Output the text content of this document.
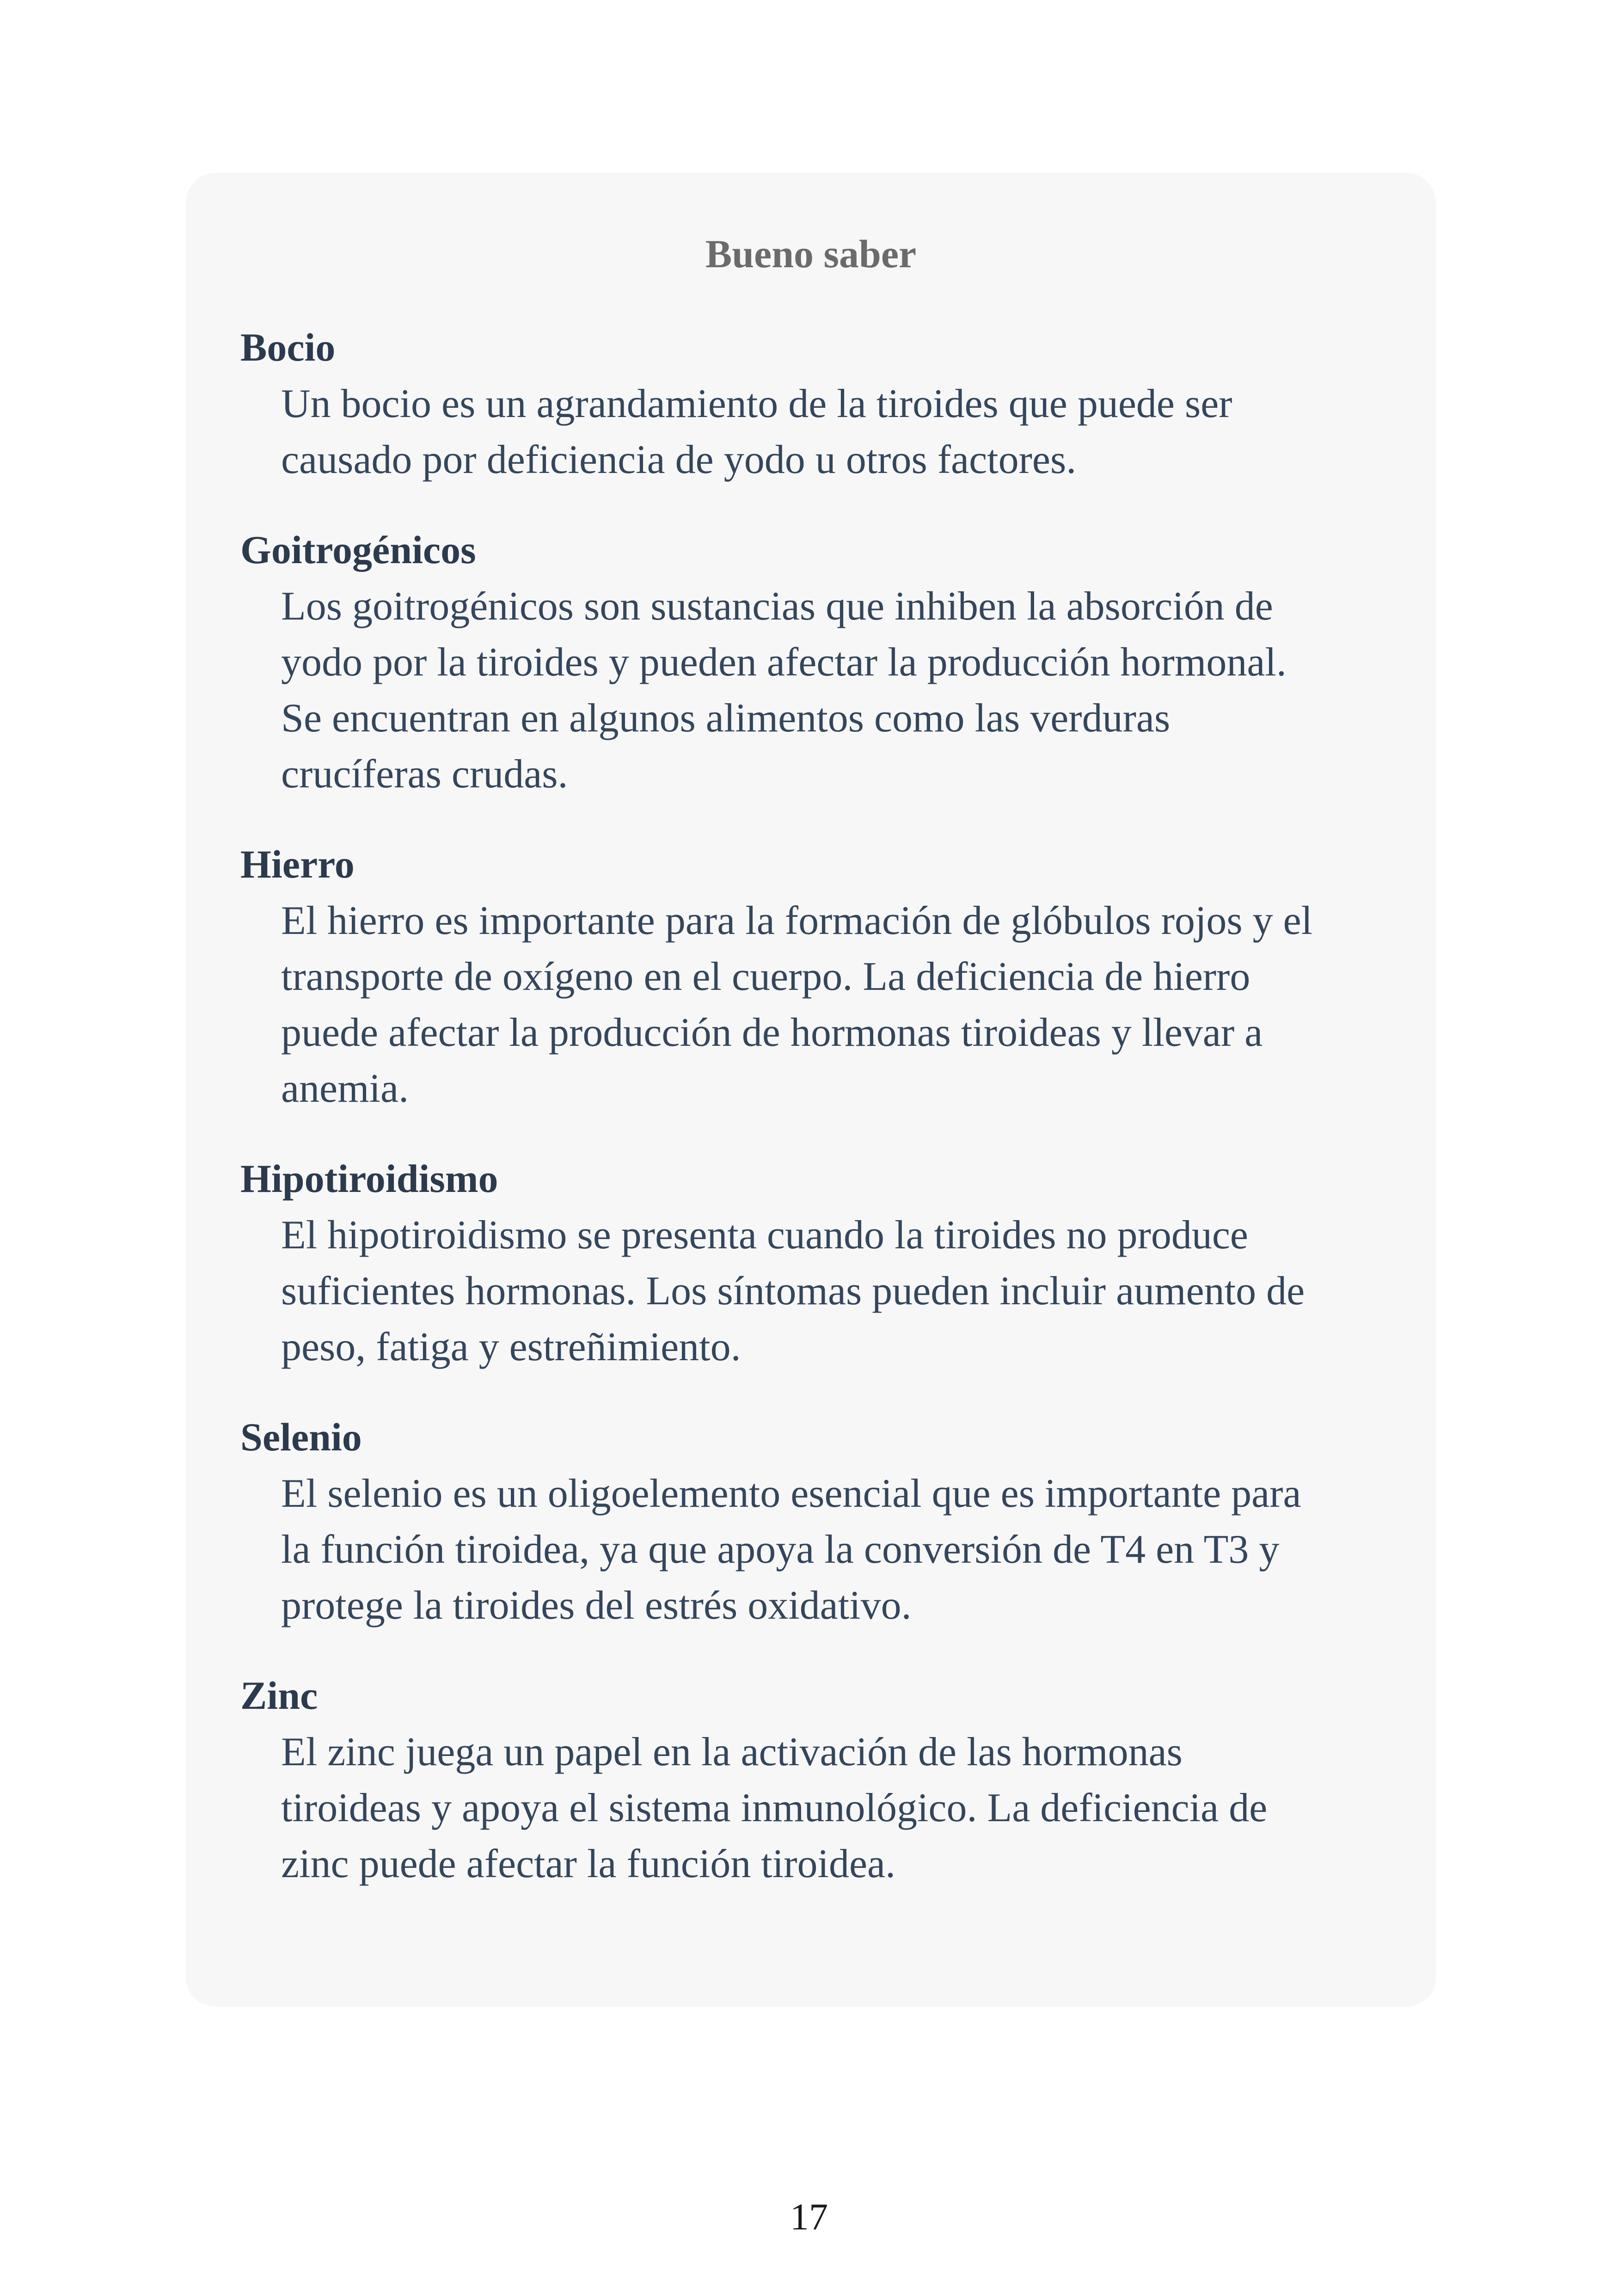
Bueno saber

Bocio

Un bocio es un agrandamiento de la tiroides que puede ser
causado por deficiencia de yodo u otros factores.

Goitrogénicos

Los goitrogénicos son sustancias que inhiben la absorción de
yodo por la tiroides y pueden afectar la producción hormonal.
Se encuentran en algunos alimentos como las verduras
crucíferas crudas.

Hierro

El hierro es importante para la formación de glóbulos rojos y el
transporte de oxígeno en el cuerpo. La deficiencia de hierro
puede afectar la producción de hormonas tiroideas y llevar a
anemia.

Hipotiroidismo

El hipotiroidismo se presenta cuando la tiroides no produce
suficientes hormonas. Los síntomas pueden incluir aumento de
peso, fatiga y estreñimiento.

Selenio

El selenio es un oligoelemento esencial que es importante para
la función tiroidea, ya que apoya la conversión de T4 en T3 y
protege la tiroides del estrés oxidativo.

Zinc

El zinc juega un papel en la activación de las hormonas
tiroideas y apoya el sistema inmunológico. La deficiencia de
zinc puede afectar la función tiroidea.
17
